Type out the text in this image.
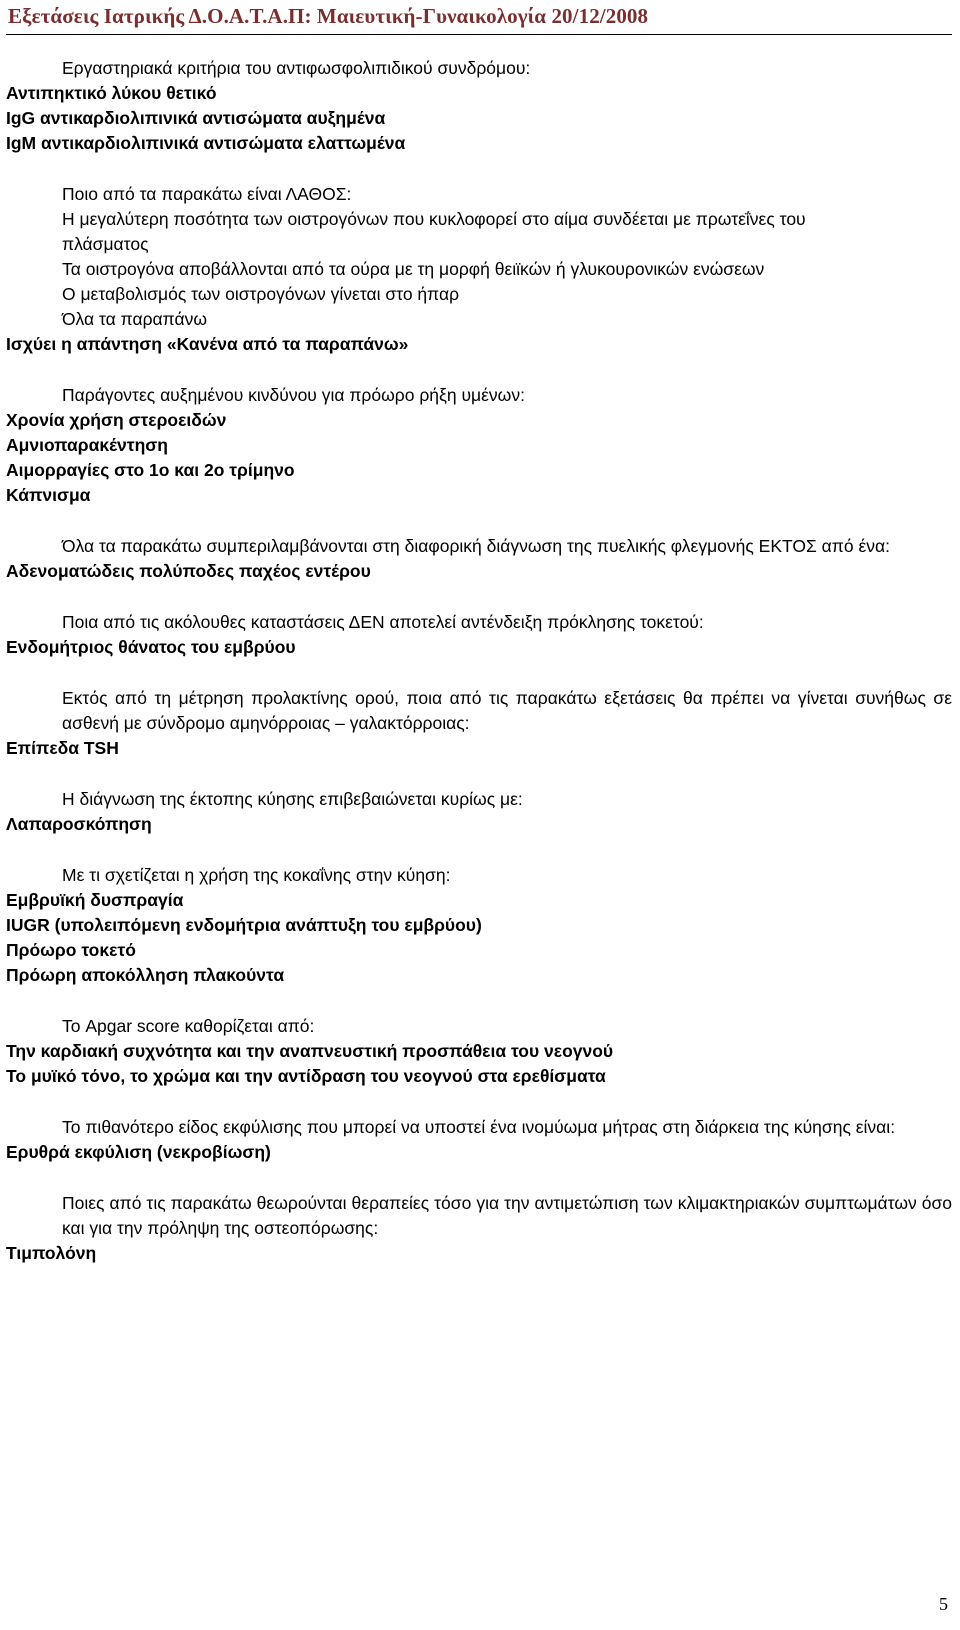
Εξετάσεις Ιατρικής Δ.Ο.Α.Τ.Α.Π: Μαιευτική-Γυναικολογία 20/12/2008
Εργαστηριακά κριτήρια του αντιφωσφολιπιδικού συνδρόμου:
Αντιπηκτικό λύκου θετικό
IgG αντικαρδιολιπινικά αντισώματα αυξημένα
IgM αντικαρδιολιπινικά αντισώματα ελαττωμένα
Ποιο από τα παρακάτω είναι ΛΑΘΟΣ:
Η μεγαλύτερη ποσότητα των οιστρογόνων που κυκλοφορεί στο αίμα συνδέεται με πρωτεΐνες του
πλάσματος
Τα οιστρογόνα αποβάλλονται από τα ούρα με τη μορφή θειϊκών ή γλυκουρονικών ενώσεων
Ο μεταβολισμός των οιστρογόνων γίνεται στο ήπαρ
Όλα τα παραπάνω
Ισχύει η απάντηση «Κανένα από τα παραπάνω»
Παράγοντες αυξημένου κινδύνου για πρόωρο ρήξη υμένων:
Χρονία χρήση στεροειδών
Αμνιοπαρακέντηση
Αιμορραγίες στο 1ο και 2ο τρίμηνο
Κάπνισμα
Όλα τα παρακάτω συμπεριλαμβάνονται στη διαφορική διάγνωση της πυελικής φλεγμονής ΕΚΤΟΣ από ένα:
Αδενοματώδεις πολύποδες παχέος εντέρου
Ποια από τις ακόλουθες καταστάσεις ΔΕΝ αποτελεί αντένδειξη πρόκλησης τοκετού:
Ενδομήτριος θάνατος του εμβρύου
Εκτός από τη μέτρηση προλακτίνης ορού, ποια από τις παρακάτω εξετάσεις θα πρέπει να γίνεται συνήθως σε ασθενή με σύνδρομο αμηνόρροιας – γαλακτόρροιας:
Επίπεδα TSH
Η διάγνωση της έκτοπης κύησης επιβεβαιώνεται κυρίως με:
Λαπαροσκόπηση
Με τι σχετίζεται η χρήση της κοκαΐνης στην κύηση:
Εμβρυϊκή δυσπραγία
IUGR (υπολειπόμενη ενδομήτρια ανάπτυξη του εμβρύου)
Πρόωρο τοκετό
Πρόωρη αποκόλληση πλακούντα
Το Apgar score καθορίζεται από:
Την καρδιακή συχνότητα και την αναπνευστική προσπάθεια του νεογνού
Το μυϊκό τόνο, το χρώμα και την αντίδραση του νεογνού στα ερεθίσματα
Το πιθανότερο είδος εκφύλισης που μπορεί να υποστεί ένα ινομύωμα μήτρας στη διάρκεια της κύησης είναι:
Ερυθρά εκφύλιση (νεκροβίωση)
Ποιες από τις παρακάτω θεωρούνται θεραπείες τόσο για την αντιμετώπιση των κλιμακτηριακών συμπτωμάτων όσο και για την πρόληψη της οστεοπόρωσης:
Τιμπολόνη
5
